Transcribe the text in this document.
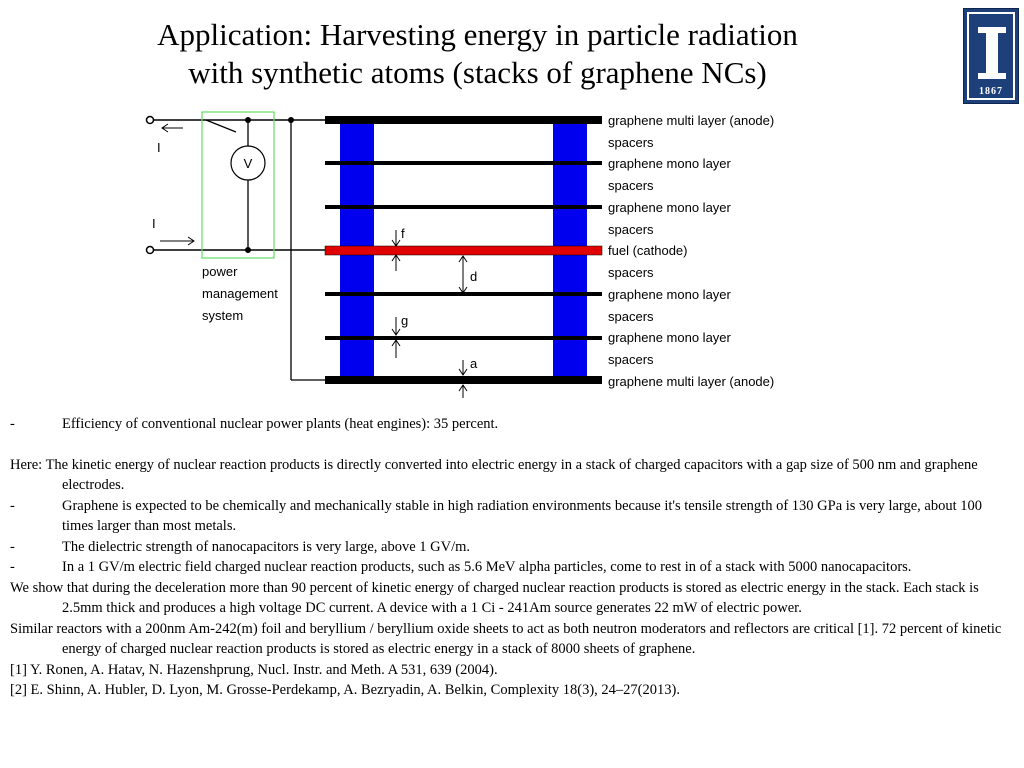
Application: Harvesting energy in particle radiation
with synthetic atoms (stacks of graphene NCs)
1867
graphene multi layer (anode)
spacers
graphene mono layer
spacers
graphene mono layer
spacers
fuel (cathode)
spacers
graphene mono layer
spacers
graphene mono layer
spacers
graphene multi layer (anode)
f
d
g
a
I
I
V
power
management
system
-	Efficiency of conventional nuclear power plants (heat engines): 35 percent.
Here: The kinetic energy of nuclear reaction products is directly converted into electric energy in a stack of charged capacitors with a gap size of 500 nm and graphene electrodes.
-	Graphene is expected to be chemically and mechanically stable in high radiation environments because it's tensile strength of 130 GPa is very large, about 100 times larger than most metals.
-	The dielectric strength of nanocapacitors is very large, above 1 GV/m.
-	In a 1 GV/m electric field charged nuclear reaction products, such as 5.6 MeV alpha particles, come to rest in of a stack with 5000 nanocapacitors.
We show that during the deceleration more than 90 percent of kinetic energy of charged nuclear reaction products is stored as electric energy in the stack. Each stack is 2.5mm thick and produces a high voltage DC current. A device with a 1 Ci - 241Am source generates 22 mW of electric power.
Similar reactors with a 200nm Am-242(m) foil and beryllium / beryllium oxide sheets to act as both neutron moderators and reflectors are critical [1]. 72 percent of kinetic energy of charged nuclear reaction products is stored as electric energy in a stack of 8000 sheets of graphene.
[1] Y. Ronen, A. Hatav, N. Hazenshprung, Nucl. Instr. and Meth. A 531, 639 (2004).
[2] E. Shinn, A. Hubler, D. Lyon, M. Grosse-Perdekamp, A. Bezryadin, A. Belkin, Complexity 18(3), 24–27(2013).
